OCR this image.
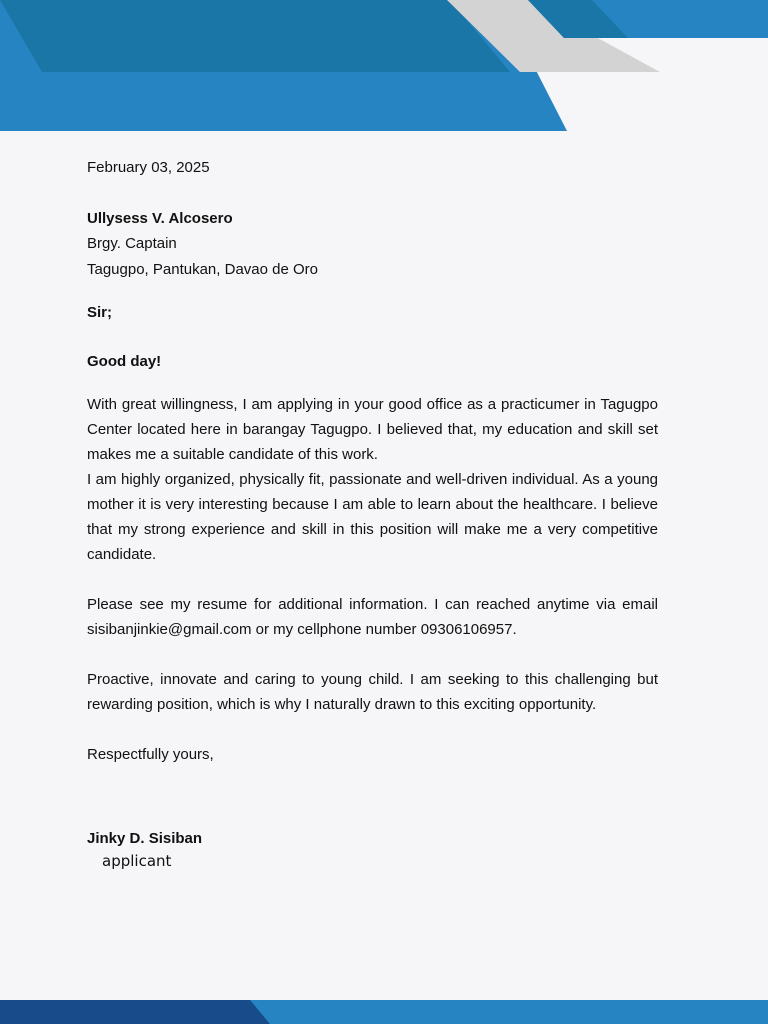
February 03, 2025

Ullysess V. Alcosero
Brgy. Captain
Tagugpo, Pantukan, Davao de Oro
Sir;
Good day!

With great willingness, I am applying in your good office as a practicumer in Tagugpo Center located here in barangay Tagugpo. I believed that, my education and skill set makes me a suitable candidate of this work.

I am highly organized, physically fit, passionate and well-driven individual. As a young mother it is very interesting because I am able to learn about the healthcare. I believe that my strong experience and skill in this position will make me a very competitive candidate.

Please see my resume for additional information. I can reached anytime via email sisibanjinkie@gmail.com or my cellphone number 09306106957.

Proactive, innovate and caring to young child. I am seeking to this challenging but rewarding position, which is why I naturally drawn to this exciting opportunity.

Respectfully yours,
Jinky D. Sisiban
applicant
